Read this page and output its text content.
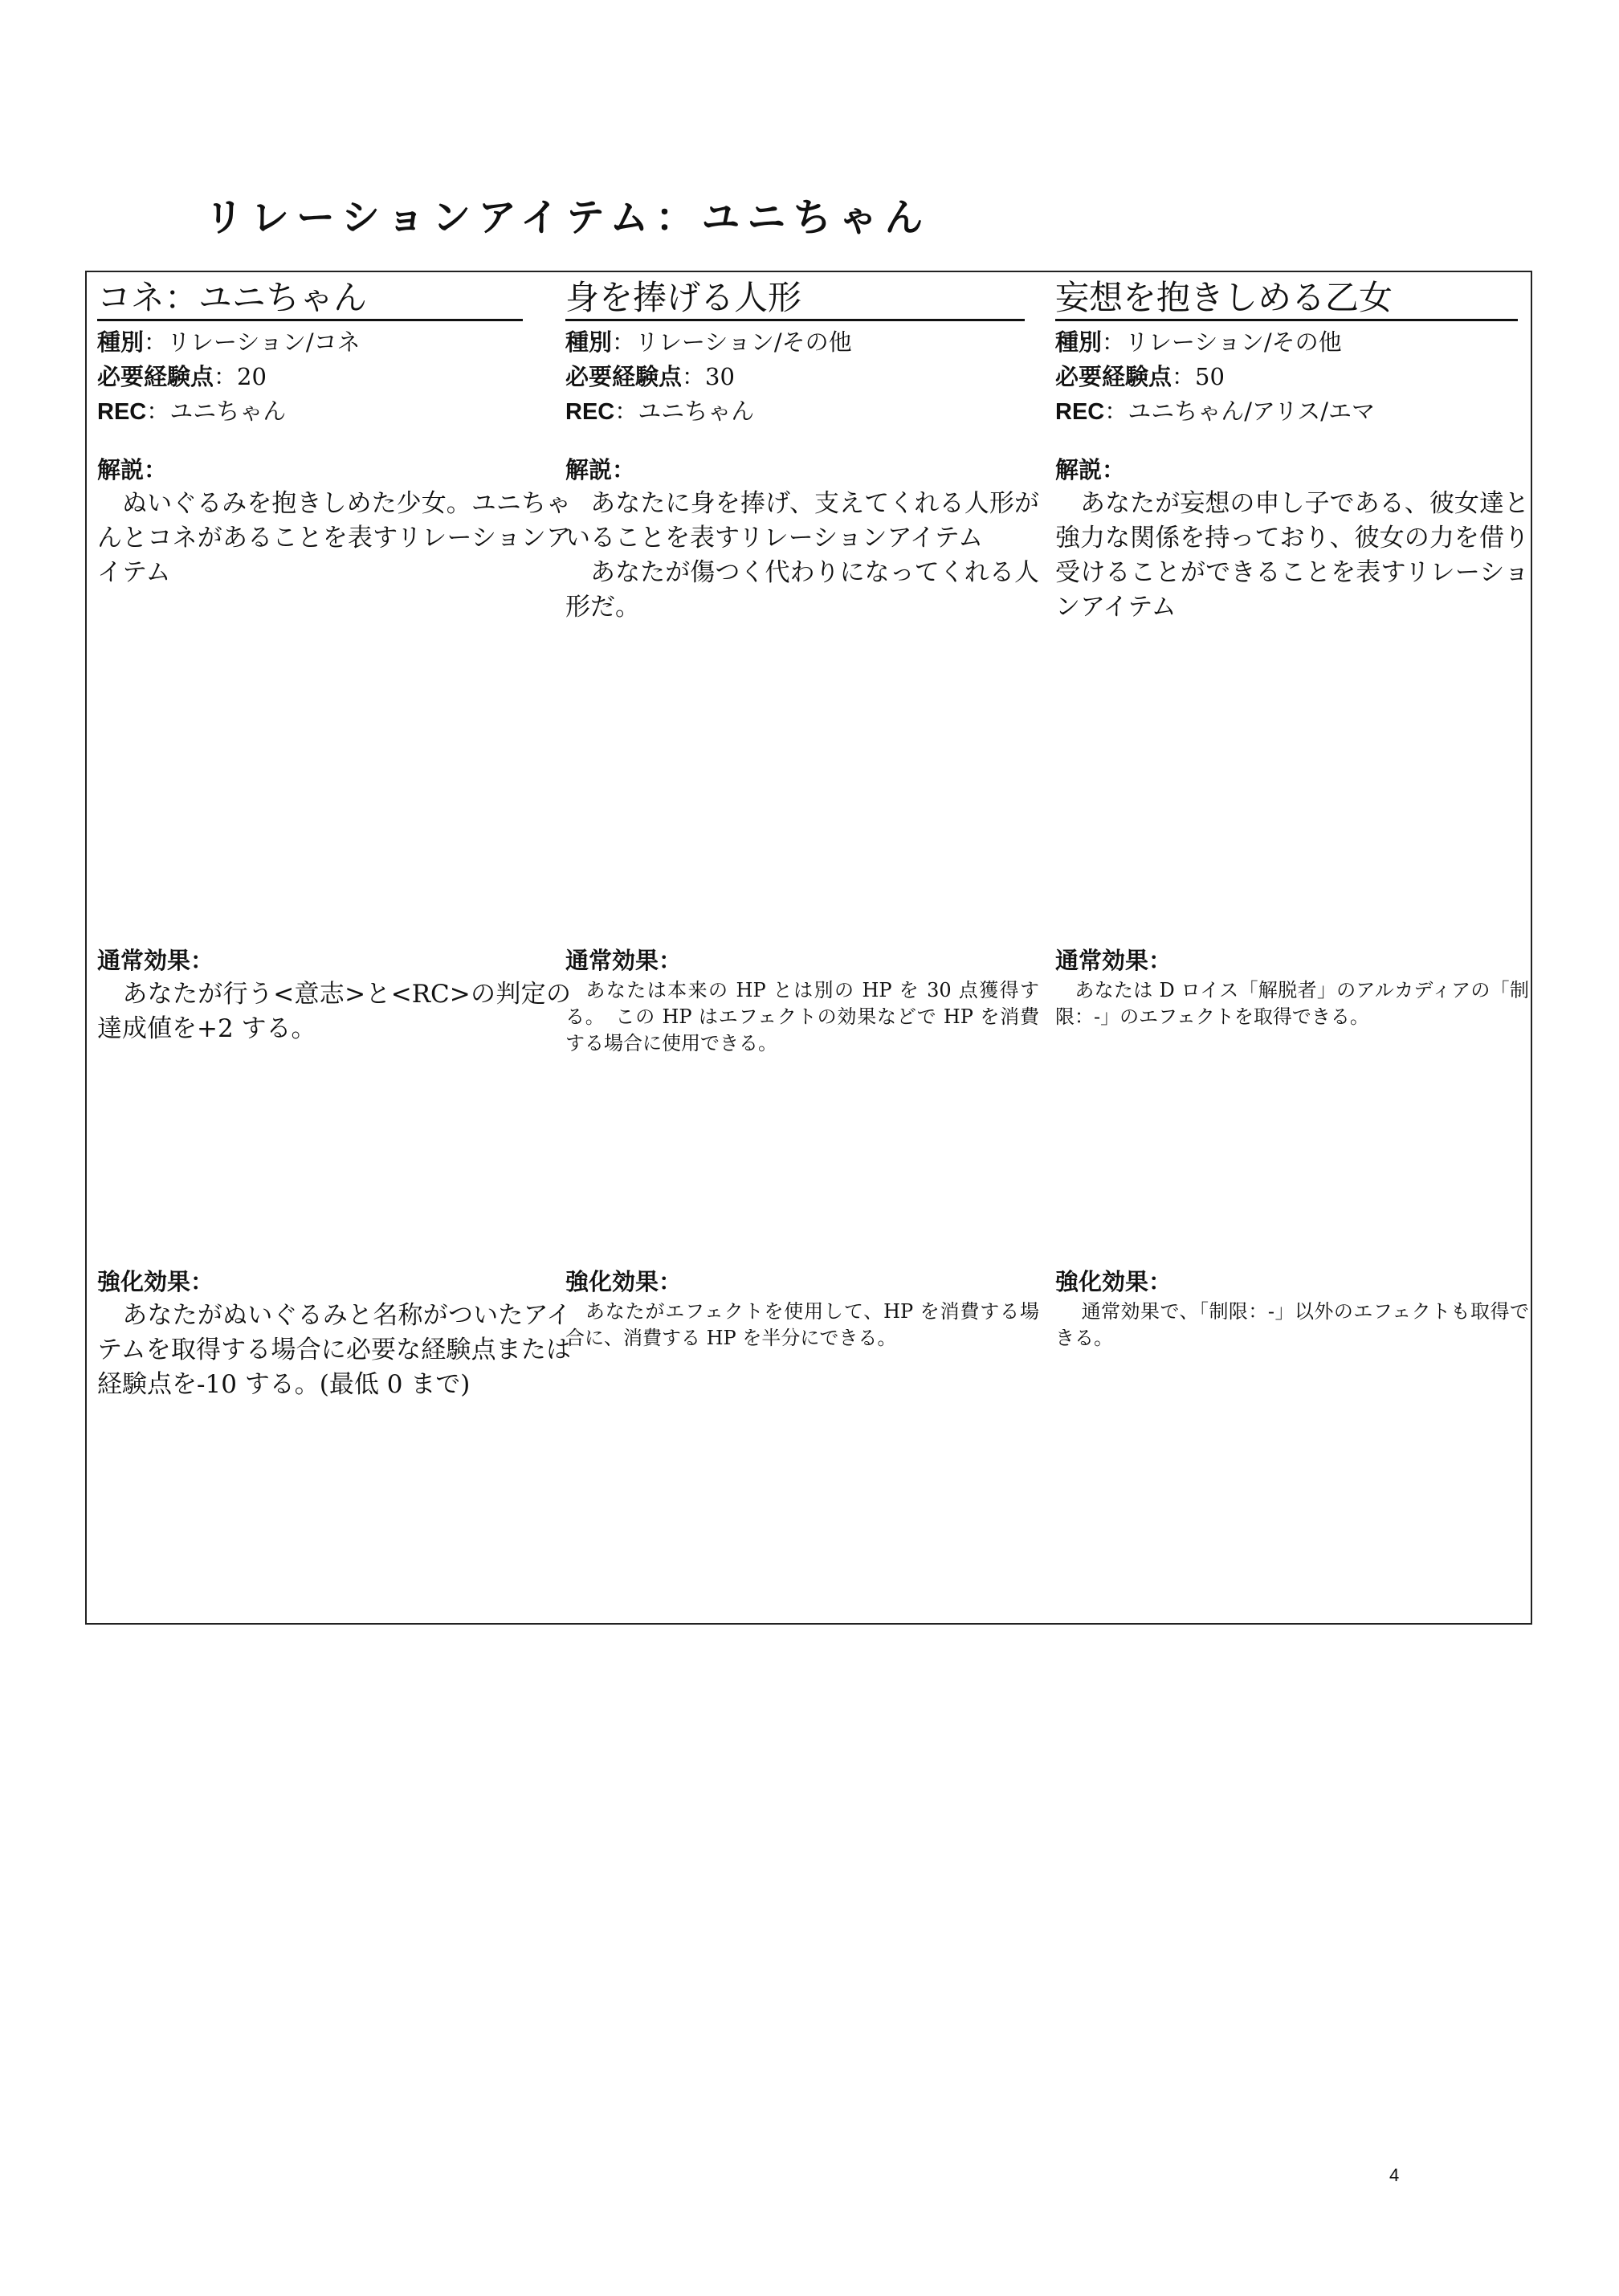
リレーションアイテム：ユニちゃん
コネ：ユニちゃん
種別：リレーション/コネ
必要経験点：20
REC：ユニちゃん
解説：
　ぬいぐるみを抱きしめた少女。ユニちゃんとコネがあることを表すリレーションアイテム
通常効果：
　あなたが行う<意志>と<RC>の判定の達成値を+2 する。
強化効果：
　あなたがぬいぐるみと名称がついたアイテムを取得する場合に必要な経験点または経験点を-10 する。(最低 0 まで)
身を捧げる人形
種別：リレーション/その他
必要経験点：30
REC：ユニちゃん
解説：
　あなたに身を捧げ、支えてくれる人形がいることを表すリレーションアイテム
　あなたが傷つく代わりになってくれる人形だ。
通常効果：
　あなたは本来の HP とは別の HP を 30 点獲得する。　この HP はエフェクトの効果などで HP を消費する場合に使用できる。
強化効果：
　あなたがエフェクトを使用して、HP を消費する場合に、消費する HP を半分にできる。
妄想を抱きしめる乙女
種別：リレーション/その他
必要経験点：50
REC：ユニちゃん/アリス/エマ
解説：
　あなたが妄想の申し子である、彼女達と強力な関係を持っており、彼女の力を借り受けることができることを表すリレーションアイテム
通常効果：
　あなたは D ロイス「解脱者」のアルカディアの「制限：-」のエフェクトを取得できる。
強化効果：
　 通常効果で、「制限：-」以外のエフェクトも取得できる。
4
